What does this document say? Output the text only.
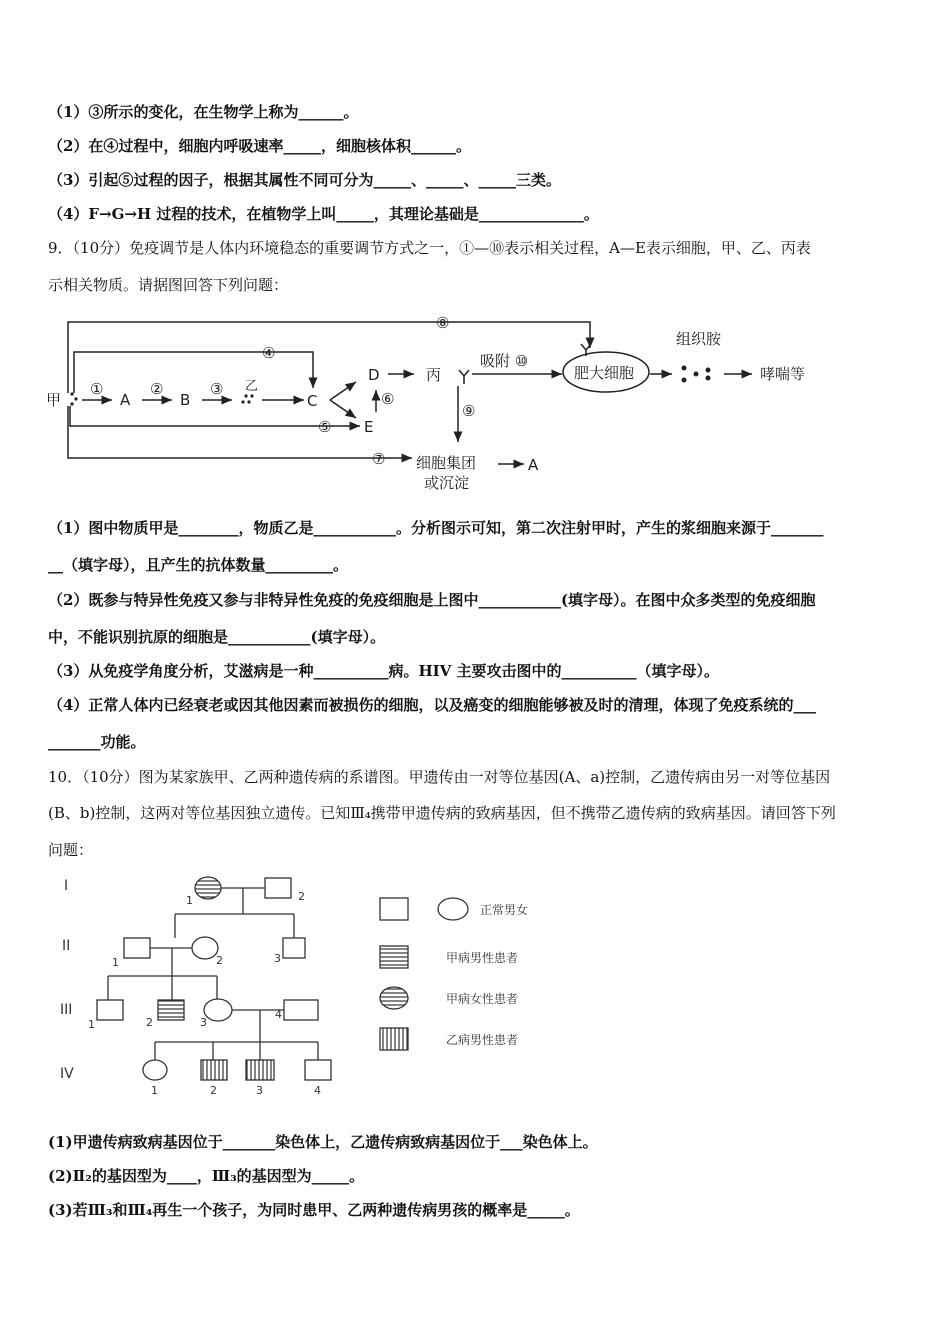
（1）③所示的变化，在生物学上称为______。
（2）在④过程中，细胞内呼吸速率_____，细胞核体积______。
（3）引起⑤过程的因子，根据其属性不同可分为_____、_____、_____三类。
（4）F→G→H 过程的技术，在植物学上叫_____，其理论基础是______________。
9．（10分）免疫调节是人体内环境稳态的重要调节方式之一，①—⑩表示相关过程，A—E表示细胞，甲、乙、丙表
示相关物质。请据图回答下列问题：
甲	A	B
乙
C
D
E
丙
①	②	③
④
⑤
⑥
⑦
⑧
⑨
吸附 ⑩
肥大细胞
组织胺
哮喘等
细胞集团
或沉淀
A
（1）图中物质甲是________，物质乙是___________。分析图示可知，第二次注射甲时，产生的浆细胞来源于_______
__（填字母），且产生的抗体数量_________。
（2）既参与特异性免疫又参与非特异性免疫的免疫细胞是上图中___________(填字母）。在图中众多类型的免疫细胞
中，不能识别抗原的细胞是___________(填字母）。
（3）从免疫学角度分析，艾滋病是一种__________病。HIV 主要攻击图中的__________（填字母）。
（4）正常人体内已经衰老或因其他因素而被损伤的细胞，以及癌变的细胞能够被及时的清理，体现了免疫系统的___
_______功能。
10．（10分）图为某家族甲、乙两种遗传病的系谱图。甲遗传由一对等位基因(A、a)控制，乙遗传病由另一对等位基因
(B、b)控制，这两对等位基因独立遗传。已知Ⅲ₄携带甲遗传病的致病基因，但不携带乙遗传病的致病基因。请回答下列
问题：
I
II
III
IV
1	2
1	2	3
1	2	3
4
1	2	3	4
正常男女
甲病男性患者
甲病女性患者
乙病男性患者
(1)甲遗传病致病基因位于_______染色体上，乙遗传病致病基因位于___染色体上。
(2)Ⅱ₂的基因型为____，Ⅲ₃的基因型为_____。
(3)若Ⅲ₃和Ⅲ₄再生一个孩子，为同时患甲、乙两种遗传病男孩的概率是_____。
